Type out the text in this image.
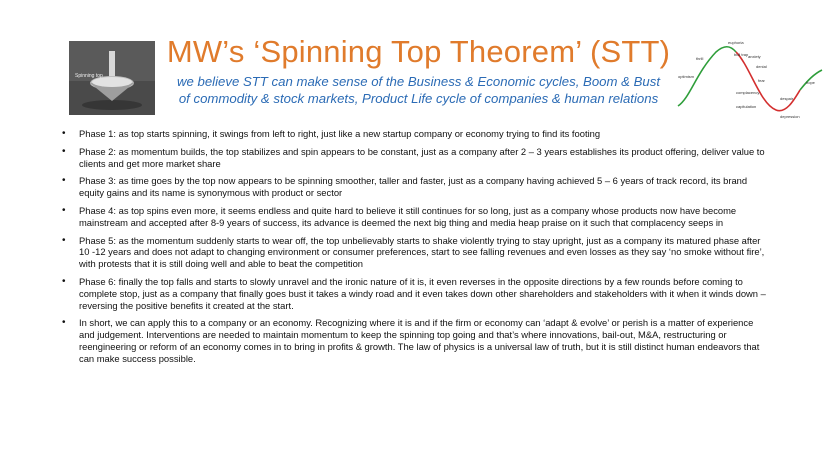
Spinning top
MW’s ‘Spinning Top Theorem’ (STT)
we believe STT can make sense of the Business & Economic cycles, Boom & Bust
of commodity & stock markets, Product Life cycle of companies & human relations
euphoria
bull trap anxiety
denial
optimism
despair
depression
capitulation
hope
fear
thrill
complacency
• Phase 1: as top starts spinning, it swings from left to right, just like a new startup company or economy trying to find its footing
• Phase 2: as momentum builds, the top stabilizes and spin appears to be constant, just as a company after 2 – 3 years establishes its product offering, deliver value to clients and get more market share
• Phase 3: as time goes by the top now appears to be spinning smoother, taller and faster, just as a company having achieved 5 – 6 years of track record, its brand equity gains and its name is synonymous with product or sector
• Phase 4: as top spins even more, it seems endless and quite hard to believe it still continues for so long, just as a company whose products now have become mainstream and accepted after 8-9 years of success, its advance is deemed the next big thing and media heap praise on it such that complacency seeps in
• Phase 5: as the momentum suddenly starts to wear off, the top unbelievably starts to shake violently trying to stay upright, just as a company its matured phase after 10 -12 years and does not adapt to changing environment or consumer preferences, start to see falling revenues and even losses as they say ‘no smoke without fire’, with protests that it is still doing well and able to beat the competition
• Phase 6: finally the top falls and starts to slowly unravel and the ironic nature of it is, it even reverses in the opposite directions by a few rounds before coming to complete stop, just as a company that finally goes bust it takes a windy road and it even takes down other shareholders and stakeholders with it when it winds down – reversing the positive benefits it created at the start.
• In short, we can apply this to a company or an economy. Recognizing where it is and if the firm or economy can ‘adapt & evolve’ or perish is a matter of experience and judgement. Interventions are needed to maintain momentum to keep the spinning top going and that’s where innovations, bail-out, M&A, restructuring or reengineering or reform of an economy comes in to bring in profits & growth. The law of physics is a universal law of truth, but it is still distinct human endeavors that can make success possible.
